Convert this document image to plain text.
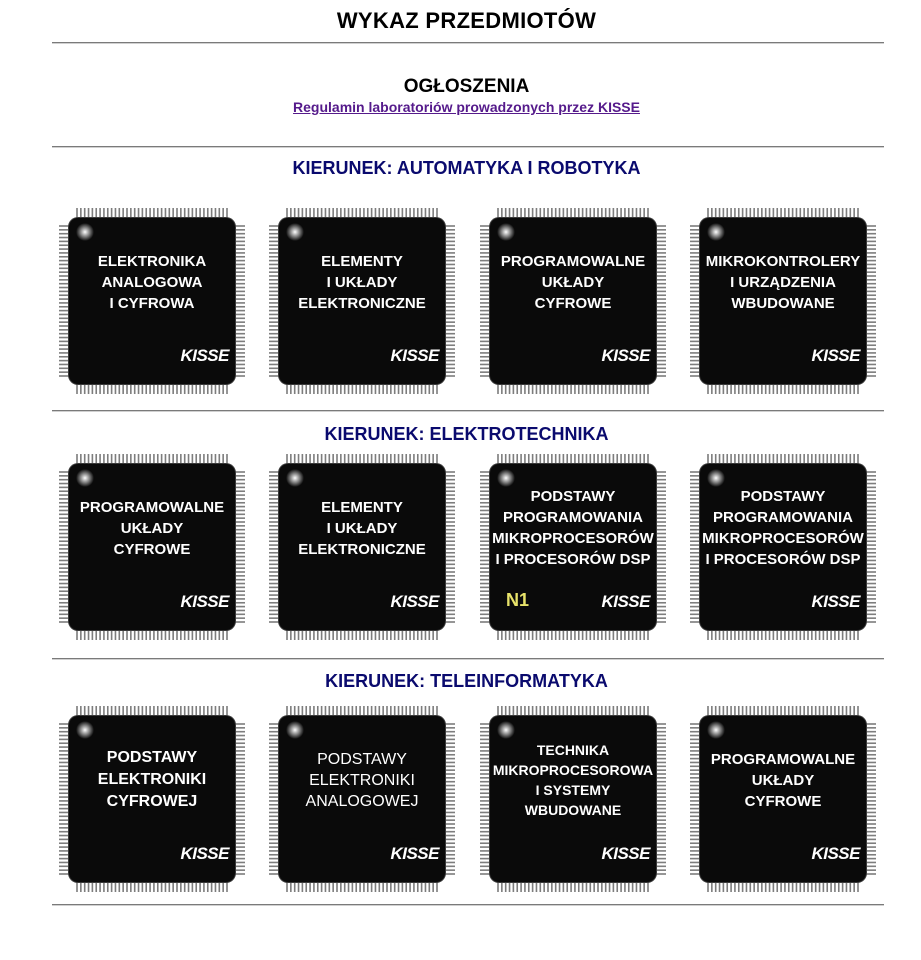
WYKAZ PRZEDMIOTÓW
OGŁOSZENIA
Regulamin laboratoriów prowadzonych przez KISSE
KIERUNEK: AUTOMATYKA I ROBOTYKA
ELEKTRONIKA
ANALOGOWA
I CYFROWA
KISSE
ELEMENTY
I UKŁADY
ELEKTRONICZNE
KISSE
PROGRAMOWALNE
UKŁADY
CYFROWE
KISSE
MIKROKONTROLERY
I URZĄDZENIA
WBUDOWANE
KISSE
KIERUNEK: ELEKTROTECHNIKA
PROGRAMOWALNE
UKŁADY
CYFROWE
KISSE
ELEMENTY
I UKŁADY
ELEKTRONICZNE
KISSE
PODSTAWY
PROGRAMOWANIA
MIKROPROCESORÓW
I PROCESORÓW DSP
KISSE
N1
PODSTAWY
PROGRAMOWANIA
MIKROPROCESORÓW
I PROCESORÓW DSP
KISSE
KIERUNEK: TELEINFORMATYKA
PODSTAWY
ELEKTRONIKI
CYFROWEJ
KISSE
PODSTAWY
ELEKTRONIKI
ANALOGOWEJ
KISSE
TECHNIKA
MIKROPROCESOROWA
I SYSTEMY
WBUDOWANE
KISSE
PROGRAMOWALNE
UKŁADY
CYFROWE
KISSE
